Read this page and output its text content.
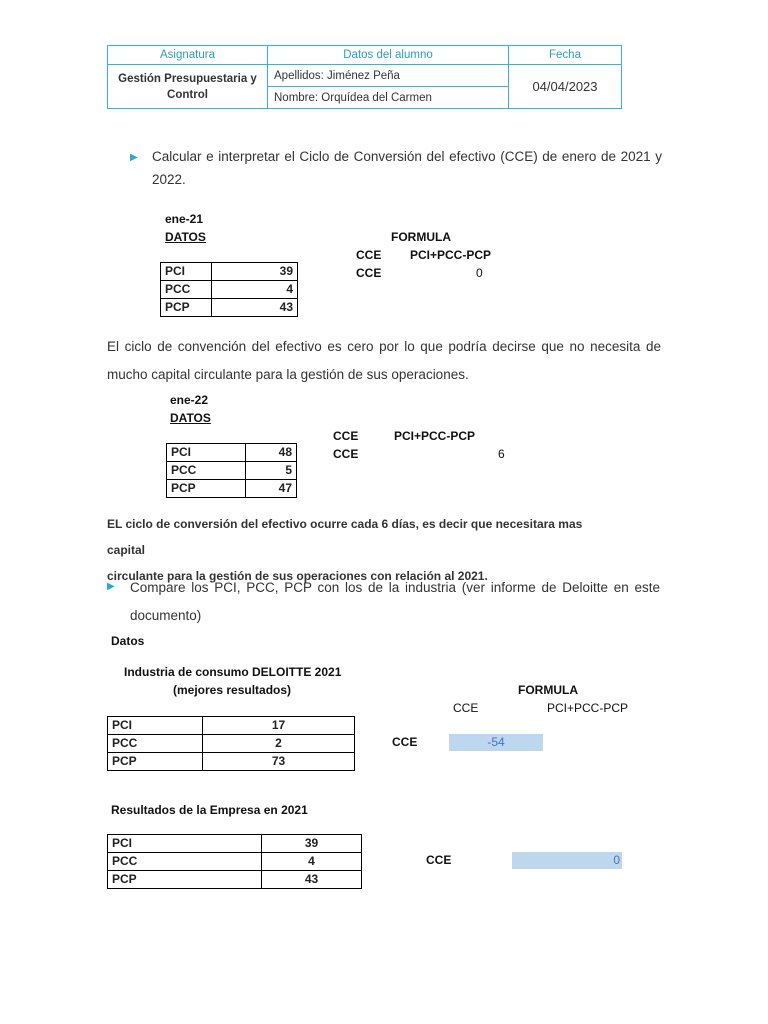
Asignatura	Datos del alumno	Fecha
Gestión Presupuestaria y Control	Apellidos: Jiménez Peña	04/04/2023
	Nombre: Orquídea del Carmen	
▶ Calcular e interpretar el Ciclo de Conversión del efectivo (CCE) de enero de 2021 y
2022.
ene-21
DATOS	FORMULA
CCE PCI+PCC-PCP
CCE	0
PCI	39
PCC	4
PCP	43
El ciclo de convención del efectivo es cero por lo que podría decirse que no necesita de
mucho capital circulante para la gestión de sus operaciones.
ene-22
DATOS
CCE	PCI+PCC-PCP
CCE	6
PCI	48
PCC	5
PCP	47
EL ciclo de conversión del efectivo ocurre cada 6 días, es decir que necesitara mas capital
circulante para la gestión de sus operaciones con relación al 2021.
▶ Compare los PCI, PCC, PCP con los de la industria (ver informe de Deloitte en este
documento)
Datos
Industria de consumo DELOITTE 2021
(mejores resultados)	FORMULA
CCE	PCI+PCC-PCP
PCI	17
PCC	2
PCP	73
CCE	-54
Resultados de la Empresa en 2021
PCI	39
PCC	4
PCP	43
CCE	0
